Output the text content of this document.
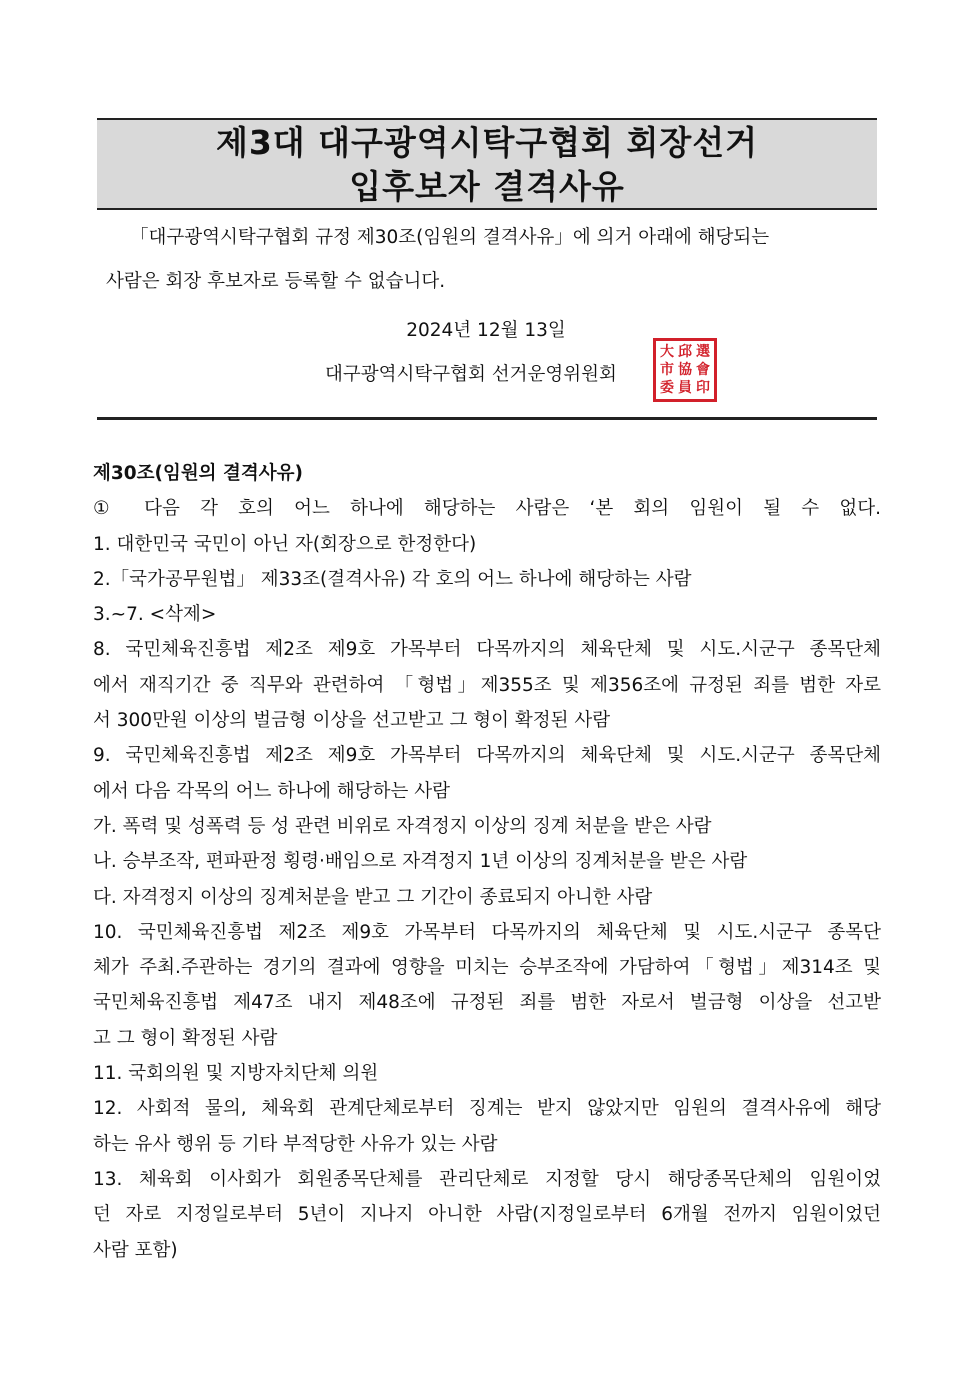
제3대 대구광역시탁구협회 회장선거
입후보자 결격사유
「대구광역시탁구협회 규정 제30조(임원의 결격사유」에 의거 아래에 해당되는
사람은 회장 후보자로 등록할 수 없습니다.
2024년 12월 13일
대구광역시탁구협회 선거운영위원회
大 邱 選
市 協 會
委 員 印
제30조(임원의 결격사유)
① 다음 각 호의 어느 하나에 해당하는 사람은 ‘본 회의 임원이 될 수 없다.
1. 대한민국 국민이 아닌 자(회장으로 한정한다)
2.「국가공무원법」 제33조(결격사유) 각 호의 어느 하나에 해당하는 사람
3.~7. <삭제>
8. 국민체육진흥법 제2조 제9호 가목부터 다목까지의 체육단체 및 시도.시군구 종목단체
에서 재직기간 중 직무와 관련하여 「형법」제355조 및 제356조에 규정된 죄를 범한 자로
서 300만원 이상의 벌금형 이상을 선고받고 그 형이 확정된 사람
9. 국민체육진흥법 제2조 제9호 가목부터 다목까지의 체육단체 및 시도.시군구 종목단체
에서 다음 각목의 어느 하나에 해당하는 사람
가. 폭력 및 성폭력 등 성 관련 비위로 자격정지 이상의 징계 처분을 받은 사람
나. 승부조작, 편파판정 횡령·배임으로 자격정지 1년 이상의 징계처분을 받은 사람
다. 자격정지 이상의 징계처분을 받고 그 기간이 종료되지 아니한 사람
10. 국민체육진흥법 제2조 제9호 가목부터 다목까지의 체육단체 및 시도.시군구 종목단
체가 주최.주관하는 경기의 결과에 영향을 미치는 승부조작에 가담하여「형법」제314조 및
국민체육진흥법 제47조 내지 제48조에 규정된 죄를 범한 자로서 벌금형 이상을 선고받
고 그 형이 확정된 사람
11. 국회의원 및 지방자치단체 의원
12. 사회적 물의, 체육회 관계단체로부터 징계는 받지 않았지만 임원의 결격사유에 해당
하는 유사 행위 등 기타 부적당한 사유가 있는 사람
13. 체육회 이사회가 회원종목단체를 관리단체로 지정할 당시 해당종목단체의 임원이었
던 자로 지정일로부터 5년이 지나지 아니한 사람(지정일로부터 6개월 전까지 임원이었던
사람 포함)
